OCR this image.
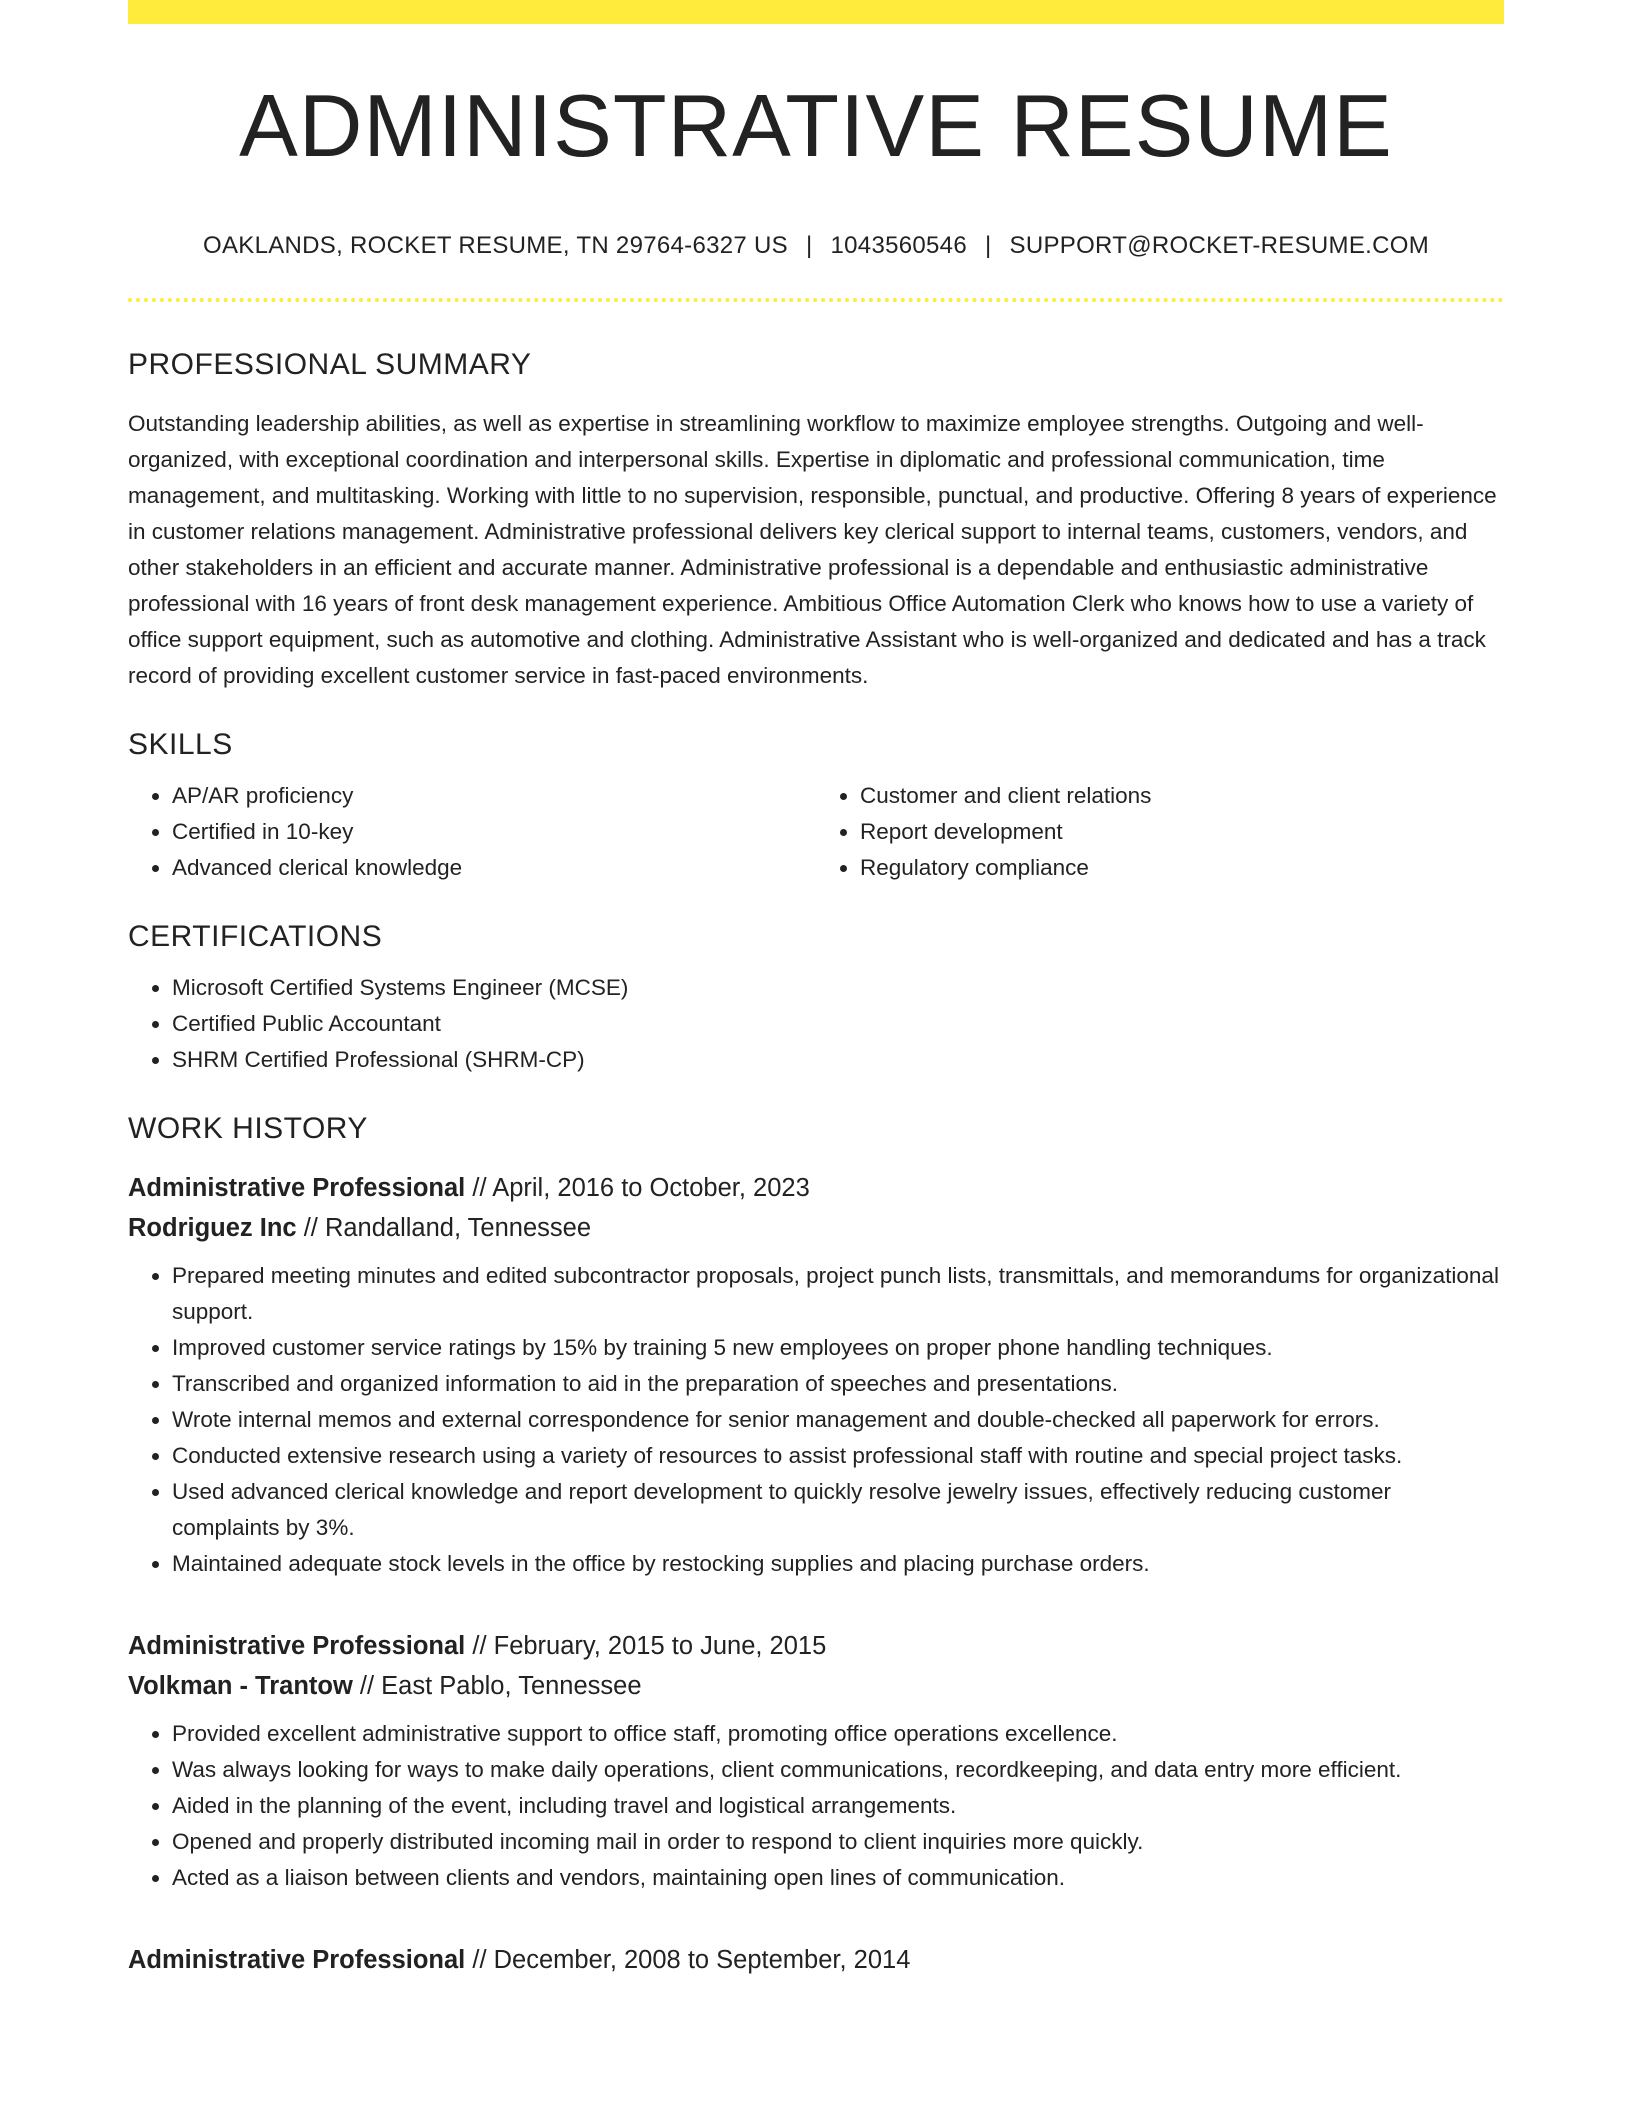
ADMINISTRATIVE RESUME
OAKLANDS, ROCKET RESUME, TN 29764-6327 US | 1043560546 | SUPPORT@ROCKET-RESUME.COM
PROFESSIONAL SUMMARY

Outstanding leadership abilities, as well as expertise in streamlining workflow to maximize employee strengths. Outgoing and well-organized, with exceptional coordination and interpersonal skills. Expertise in diplomatic and professional communication, time management, and multitasking. Working with little to no supervision, responsible, punctual, and productive. Offering 8 years of experience in customer relations management. Administrative professional delivers key clerical support to internal teams, customers, vendors, and other stakeholders in an efficient and accurate manner. Administrative professional is a dependable and enthusiastic administrative professional with 16 years of front desk management experience. Ambitious Office Automation Clerk who knows how to use a variety of office support equipment, such as automotive and clothing. Administrative Assistant who is well-organized and dedicated and has a track record of providing excellent customer service in fast-paced environments.

SKILLS
• AP/AR proficiency
• Certified in 10-key
• Advanced clerical knowledge
• Customer and client relations
• Report development
• Regulatory compliance
CERTIFICATIONS
• Microsoft Certified Systems Engineer (MCSE)
• Certified Public Accountant
• SHRM Certified Professional (SHRM-CP)
WORK HISTORY
Administrative Professional // April, 2016 to October, 2023
Rodriguez Inc // Randalland, Tennessee
• Prepared meeting minutes and edited subcontractor proposals, project punch lists, transmittals, and memorandums for organizational support.
• Improved customer service ratings by 15% by training 5 new employees on proper phone handling techniques.
• Transcribed and organized information to aid in the preparation of speeches and presentations.
• Wrote internal memos and external correspondence for senior management and double-checked all paperwork for errors.
• Conducted extensive research using a variety of resources to assist professional staff with routine and special project tasks.
• Used advanced clerical knowledge and report development to quickly resolve jewelry issues, effectively reducing customer complaints by 3%.
• Maintained adequate stock levels in the office by restocking supplies and placing purchase orders.
Administrative Professional // February, 2015 to June, 2015
Volkman - Trantow // East Pablo, Tennessee
• Provided excellent administrative support to office staff, promoting office operations excellence.
• Was always looking for ways to make daily operations, client communications, recordkeeping, and data entry more efficient.
• Aided in the planning of the event, including travel and logistical arrangements.
• Opened and properly distributed incoming mail in order to respond to client inquiries more quickly.
• Acted as a liaison between clients and vendors, maintaining open lines of communication.
Administrative Professional // December, 2008 to September, 2014
